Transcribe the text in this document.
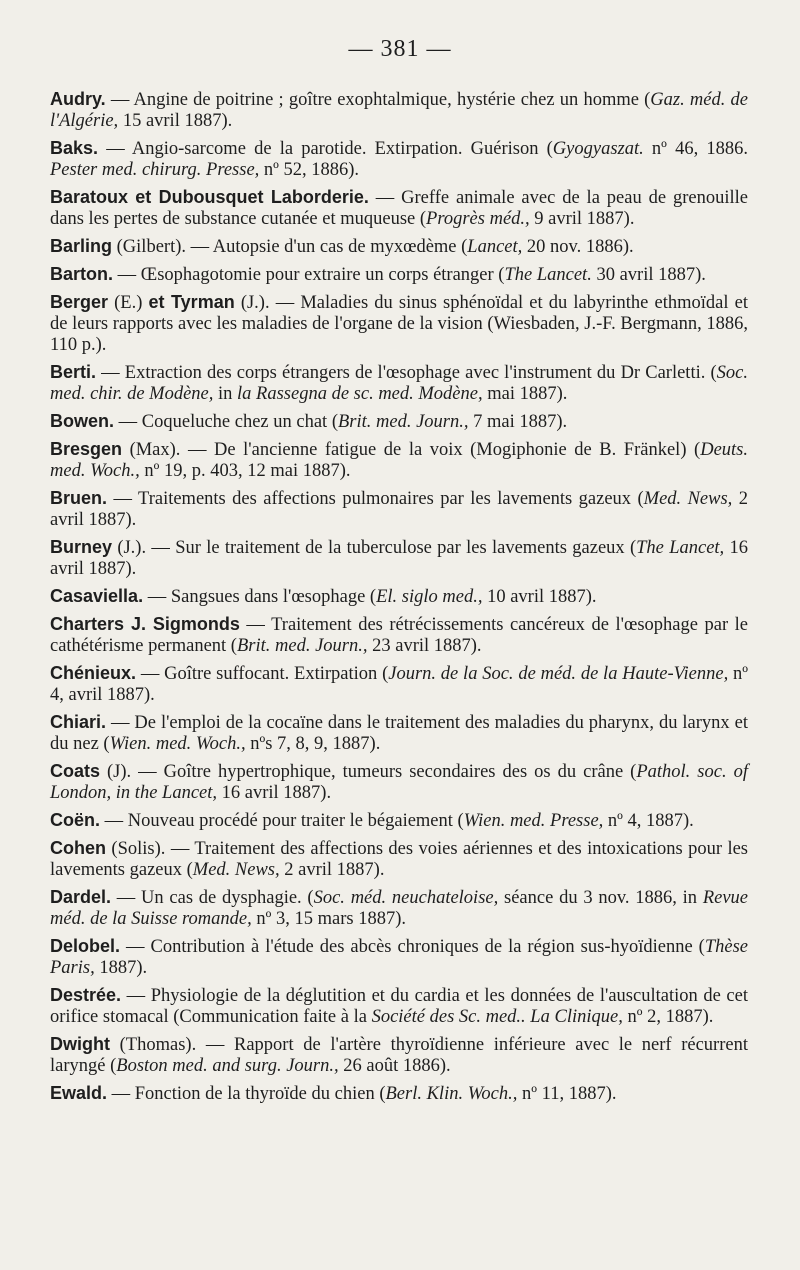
— 381 —

Audry. — Angine de poitrine ; goître exophtalmique, hystérie chez un homme (Gaz. méd. de l'Algérie, 15 avril 1887).

Baks. — Angio-sarcome de la parotide. Extirpation. Guérison (Gyogyaszat. nº 46, 1886. Pester med. chirurg. Presse, nº 52, 1886).

Baratoux et Dubousquet Laborderie. — Greffe animale avec de la peau de grenouille dans les pertes de substance cutanée et muqueuse (Progrès méd., 9 avril 1887).

Barling (Gilbert). — Autopsie d'un cas de myxœdème (Lancet, 20 nov. 1886).

Barton. — Œsophagotomie pour extraire un corps étranger (The Lancet. 30 avril 1887).

Berger (E.) et Tyrman (J.). — Maladies du sinus sphénoïdal et du labyrinthe ethmoïdal et de leurs rapports avec les maladies de l'organe de la vision (Wiesbaden, J.-F. Bergmann, 1886, 110 p.).

Berti. — Extraction des corps étrangers de l'œsophage avec l'instrument du Dr Carletti. (Soc. med. chir. de Modène, in la Rassegna de sc. med. Modène, mai 1887).

Bowen. — Coqueluche chez un chat (Brit. med. Journ., 7 mai 1887).

Bresgen (Max). — De l'ancienne fatigue de la voix (Mogiphonie de B. Fränkel) (Deuts. med. Woch., nº 19, p. 403, 12 mai 1887).

Bruen. — Traitements des affections pulmonaires par les lavements gazeux (Med. News, 2 avril 1887).

Burney (J.). — Sur le traitement de la tuberculose par les lavements gazeux (The Lancet, 16 avril 1887).

Casaviella. — Sangsues dans l'œsophage (El. siglo med., 10 avril 1887).

Charters J. Sigmonds — Traitement des rétrécissements cancéreux de l'œsophage par le cathétérisme permanent (Brit. med. Journ., 23 avril 1887).

Chénieux. — Goître suffocant. Extirpation (Journ. de la Soc. de méd. de la Haute-Vienne, nº 4, avril 1887).

Chiari. — De l'emploi de la cocaïne dans le traitement des maladies du pharynx, du larynx et du nez (Wien. med. Woch., nºs 7, 8, 9, 1887).

Coats (J). — Goître hypertrophique, tumeurs secondaires des os du crâne (Pathol. soc. of London, in the Lancet, 16 avril 1887).

Coën. — Nouveau procédé pour traiter le bégaiement (Wien. med. Presse, nº 4, 1887).

Cohen (Solis). — Traitement des affections des voies aériennes et des intoxications pour les lavements gazeux (Med. News, 2 avril 1887).

Dardel. — Un cas de dysphagie. (Soc. méd. neuchateloise, séance du 3 nov. 1886, in Revue méd. de la Suisse romande, nº 3, 15 mars 1887).

Delobel. — Contribution à l'étude des abcès chroniques de la région sus-hyoïdienne (Thèse Paris, 1887).

Destrée. — Physiologie de la déglutition et du cardia et les données de l'auscultation de cet orifice stomacal (Communication faite à la Société des Sc. med.. La Clinique, nº 2, 1887).

Dwight (Thomas). — Rapport de l'artère thyroïdienne inférieure avec le nerf récurrent laryngé (Boston med. and surg. Journ., 26 août 1886).

Ewald. — Fonction de la thyroïde du chien (Berl. Klin. Woch., nº 11, 1887).
